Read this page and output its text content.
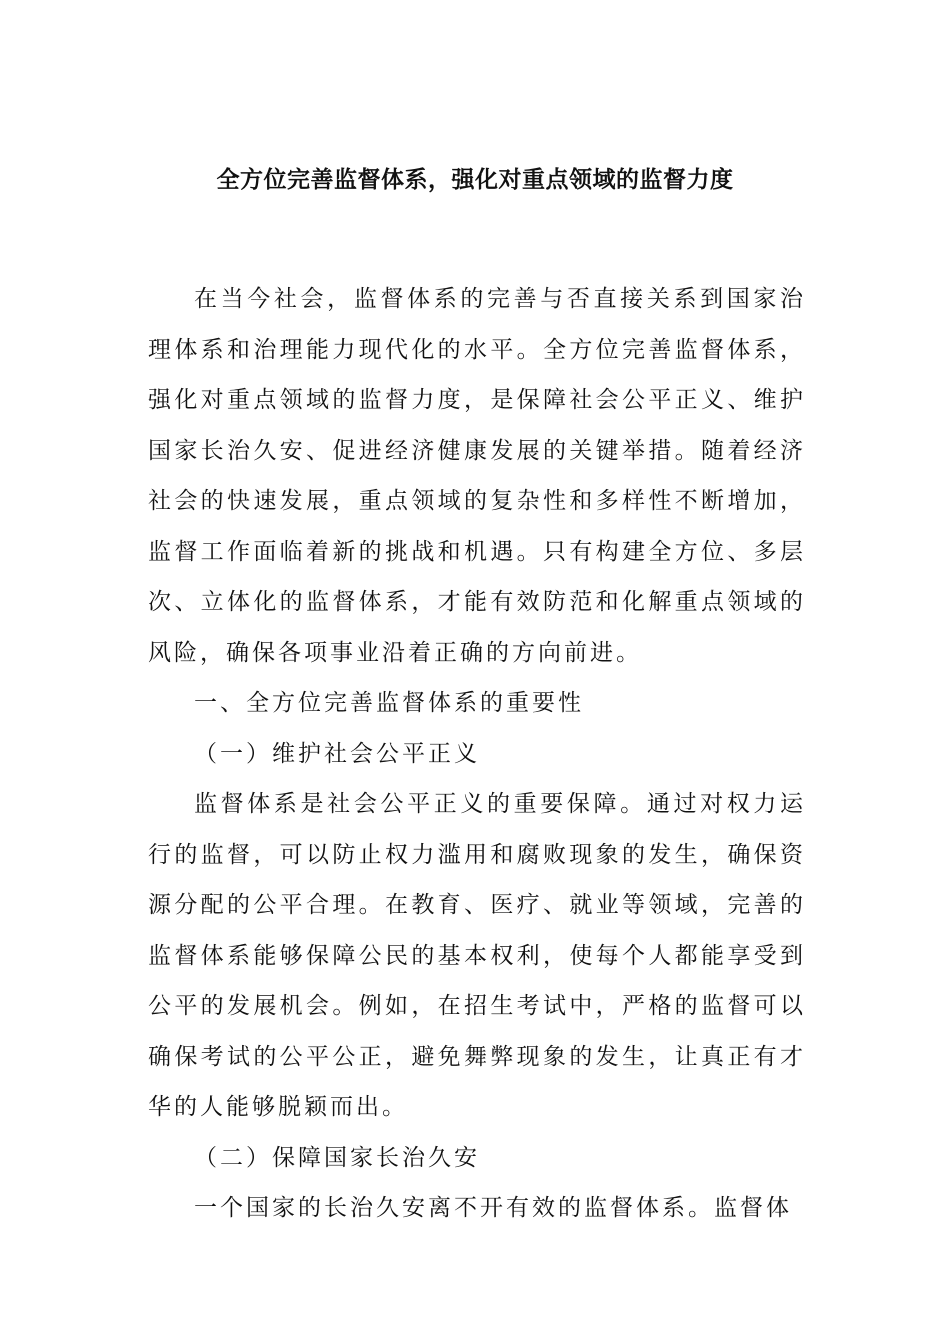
全方位完善监督体系，强化对重点领域的监督力度

在当今社会，监督体系的完善与否直接关系到国家治理体系和治理能力现代化的水平。全方位完善监督体系，强化对重点领域的监督力度，是保障社会公平正义、维护国家长治久安、促进经济健康发展的关键举措。随着经济社会的快速发展，重点领域的复杂性和多样性不断增加，监督工作面临着新的挑战和机遇。只有构建全方位、多层次、立体化的监督体系，才能有效防范和化解重点领域的风险，确保各项事业沿着正确的方向前进。

一、全方位完善监督体系的重要性

（一）维护社会公平正义

监督体系是社会公平正义的重要保障。通过对权力运行的监督，可以防止权力滥用和腐败现象的发生，确保资源分配的公平合理。在教育、医疗、就业等领域，完善的监督体系能够保障公民的基本权利，使每个人都能享受到公平的发展机会。例如，在招生考试中，严格的监督可以确保考试的公平公正，避免舞弊现象的发生，让真正有才华的人能够脱颖而出。

（二）保障国家长治久安

一个国家的长治久安离不开有效的监督体系。监督体
